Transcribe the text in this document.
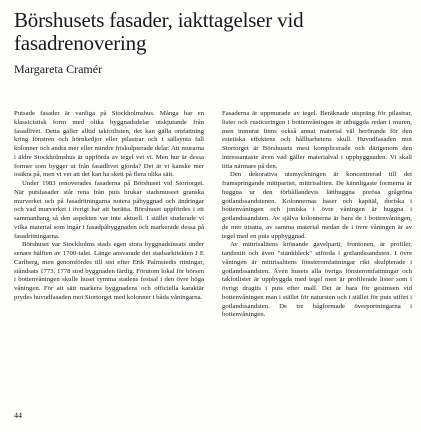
Börshusets fasader, iakttagelser vid fasadrenovering

Margareta Cramér

Putsade fasader är vanliga på Stockholmshus. Många har en klassicistisk form med olika byggnadsdelar utskjutande från fasadlivet. Detta gäller alltid takfotlisten, det kan gälla omfattning kring fönstren och hörnkedjor eller pilastrar och i sällsynta fall kolonner och andra mer eller mindre friskulpterade delar. Att murarna i äldre Stockholmshus är uppförda av tegel vet vi. Men hur är dessa former som bygger ut från fasadlivet gjorda? Det är vi kanske mer osäkra på, men vi vet att det kan ha skett på flera olika sätt.

Under 1983 renoverades fasaderna på Börshuset vid Stortorget. När putsfasader står rena från puts brukar stadsmuseet granska murverket och på fasadritningarna notera påbyggnad och ändringar och vad murverket i övrigt har att berätta. Börshuset uppfördes i ett sammanhang så den aspekten var inte aktuell. I stället studerade vi vilka material som ingår i fasadpåbyggnaden och markerade dessa på fasadritningarna.

Börshuset var Stockholms stads egen stora byggnadsinsats under senare hälften av 1700-talet. Länge ansvarade det stadsarkitekten J E Carlberg, men genomfördes till sist efter Erik Palmstedts ritningar, ståndsats 1773. 1778 stod byggnaden färdig. Förutom lokal för börsen i bottenvåningen skulle huset rymma stadens festsal i den övre höga våningen. För att sätt markera byggnadens och officiella karaktär prydes huvudfasaden mot Stortorget med kolonner i båda våningarna.

Fasaderna är uppmurade av tegel. Beräknade utspräng för pilastrar, lister och rusticeringen i bottenvåningen är uthuggda redan i muren, men inmurat finns också annat material väl berörande för den estetiska effektens och hållbarhetens skull. Huvudfasaden mot Stortorget är Börshusets mest komplicerade och därigenom den intressantaste även vad gäller materialval i uppbyggnaden. Vi skall titta närmare på den.

Den dekorativa utsmyckningen är koncentrerad till det framspringande mittpartiet, mittrisaliten. De kännligaste formerna är huggna ur den förhållandevis lätthuggna porösa grågröna gotlandssandstenen. Kolonnernas baser och kapitäl, doriska i bottenvåningen och joniska i övre våningen är huggna i gotlandssandsten. Av själva kolonnerna är bara de i bottenvåningen, de mer utsatta, av samma material medan de i övre våningen är av tegel med en puts uppbyggnad.

Av mittrisalitens krönande gavelparti, frontonen, är profiler, tandsnitt och även "stänkbleck" utförda i gotlandssandsten. I övre våningen är mittrisalitens fönsteromfattningar rikt skulpterade i gotlandssandsten. Även husets alla övriga fönsteromfattningar och takfotlister är uppbyggda med tegel men är profilerade lister som i övrigt dragits i puts efter mall. Det är bara för gesimsen vid bottenvåningen man i stället för natursten och i stället för puts utfört i gotlandssandsten. De tre bågformade överportningarna i bottenvåningen.

44
